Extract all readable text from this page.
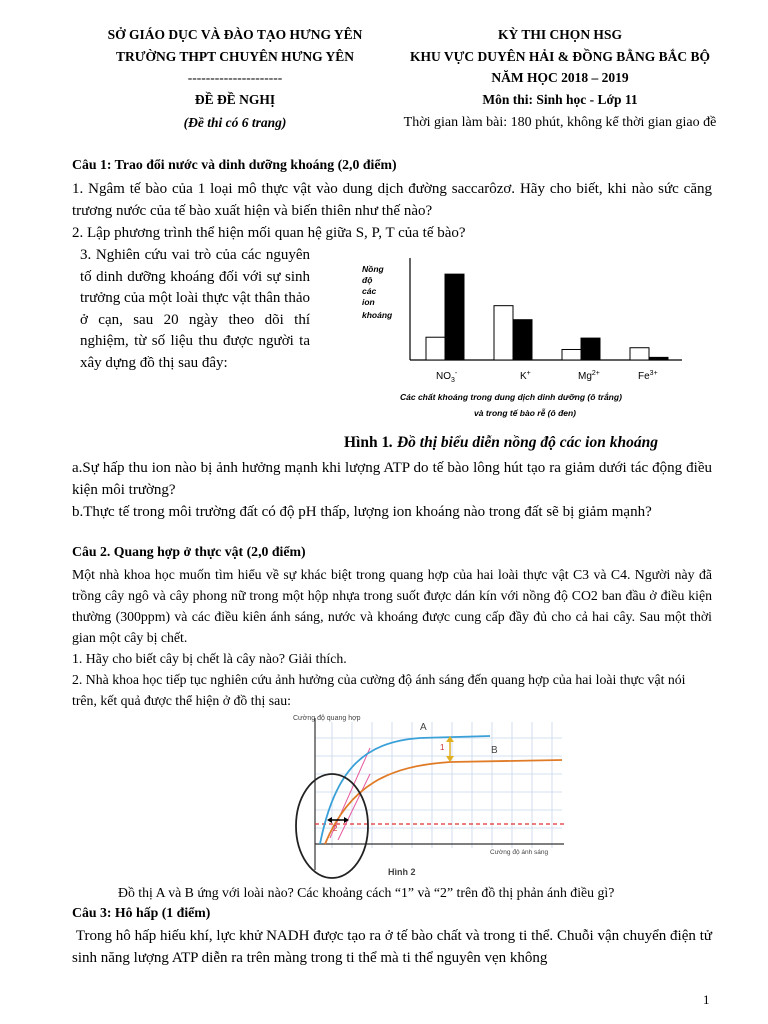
SỞ GIÁO DỤC VÀ ĐÀO TẠO HƯNG YÊN
TRƯỜNG THPT CHUYÊN HƯNG YÊN
---------------------
ĐỀ ĐỀ NGHỊ
(Đề thi có 6 trang)
KỲ THI CHỌN HSG
KHU VỰC DUYÊN HẢI & ĐỒNG BẰNG BẮC BỘ
NĂM HỌC 2018 – 2019
Môn thi: Sinh học - Lớp 11
Thời gian làm bài: 180 phút, không kể thời gian giao đề
Câu 1: Trao đổi nước và dinh dưỡng khoáng (2,0 điểm)
1. Ngâm tế bào của 1 loại mô thực vật vào dung dịch đường saccarôzơ. Hãy cho biết, khi nào sức căng trương nước của tế bào xuất hiện và biến thiên như thế nào?
2. Lập phương trình thể hiện mối quan hệ giữa S, P, T của tế bào?
3. Nghiên cứu vai trò của các nguyên tố dinh dưỡng khoáng đối với sự sinh trưởng của một loài thực vật thân thảo ở cạn, sau 20 ngày theo dõi thí nghiệm, từ số liệu thu được người ta xây dựng đồ thị sau đây:
Nồng
độ
các
ion
khoáng
$NO_3^-$	K+	$Mg^{2+}$	$Fe^{3+}$
Các chất khoáng trong dung dịch dinh dưỡng (ô trắng)
và trong tế bào rễ (ô đen)
Hình 1. Đồ thị biểu diễn nồng độ các ion khoáng
a.Sự hấp thu ion nào bị ảnh hưởng mạnh khi lượng ATP do tế bào lông hút tạo ra giảm dưới tác động điều kiện môi trường?
b.Thực tế trong môi trường đất có độ pH thấp, lượng ion khoáng nào trong đất sẽ bị giảm mạnh?
Câu 2. Quang hợp ở thực vật (2,0 điểm)
Một nhà khoa học muốn tìm hiểu về sự khác biệt trong quang hợp của hai loài thực vật C3 và C4. Người này đã trồng cây ngô và cây phong nữ trong một hộp nhựa trong suốt được dán kín với nồng độ CO2 ban đầu ở điều kiện thường (300ppm) và các điều kiên ánh sáng, nước và khoáng được cung cấp đầy đủ cho cả hai cây. Sau một thời gian một cây bị chết.
1. Hãy cho biết cây bị chết là cây nào? Giải thích.
2. Nhà khoa học tiếp tục nghiên cứu ảnh hưởng của cường độ ánh sáng đến quang hợp của hai loài thực vật nói trên, kết quả được thể hiện ở đồ thị sau:
Cường độ quang hợp
Cường độ ánh sáng
A
B
1
2
Hình 2
Đồ thị A và B ứng với loài nào? Các khoảng cách “1” và “2” trên đồ thị phản ánh điều gì?
Câu 3: Hô hấp (1 điểm)
Trong hô hấp hiếu khí, lực khử NADH được tạo ra ở tế bào chất và trong ti thể. Chuỗi vận chuyển điện tử sinh năng lượng ATP diễn ra trên màng trong ti thể mà ti thể nguyên vẹn không
1
